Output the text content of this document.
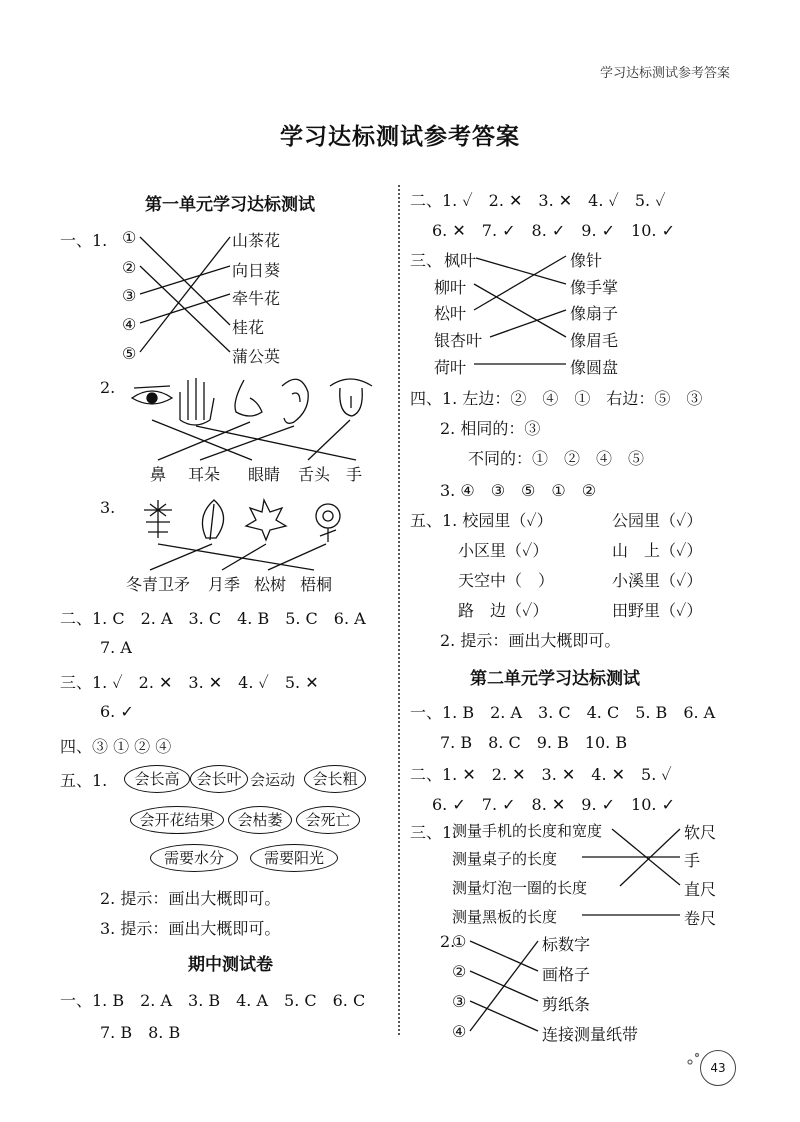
学习达标测试参考答案
学习达标测试参考答案
第一单元学习达标测试
一、1. ①
②
③
④
⑤
山茶花
向日葵
牵牛花
桂花
蒲公英
2.
鼻 耳朵 眼睛 舌头 手
3.
冬青卫矛 月季 松树 梧桐
二、1. C　2. A　3. C　4. B　5. C　6. A
7. A
三、1. ✓　2. ✕　3. ✕　4. ✓　5. ✕
6. ✓
四、③ ① ② ④
五、1.	会长高	会长叶 会运动	会长粗
会开花结果	会枯萎	会死亡
需要水分	需要阳光
2. 提示：画出大概即可。
3. 提示：画出大概即可。
期中测试卷
一、1. B　2. A　3. B　4. A　5. C　6. C
7. B　8. B
二、1. ✓　2. ✕　3. ✕　4. ✓　5. ✓
6. ✕　7. ✓　8. ✓　9. ✓　10. ✓
三、 枫叶
柳叶
松叶
银杏叶
荷叶
像针
像手掌
像扇子
像眉毛
像圆盘
四、1. 左边：②　④　①　右边：⑤　③
2. 相同的：③
不同的：①　②　④　⑤
3. ④　③　⑤　①　②
五、1. 校园里（✓）	公园里（✓）
小区里（✓）	山　上（✓）
天空中（　）	小溪里（✓）
路　边（✓）	田野里（✓）
2. 提示：画出大概即可。
第二单元学习达标测试
一、1. B　2. A　3. C　4. C　5. B　6. A
7. B　8. C　9. B　10. B
二、1. ✕　2. ✕　3. ✕　4. ✕　5. ✓
6. ✓　7. ✓　8. ✕　9. ✓　10. ✓
三、1.
测量手机的长度和宽度
测量桌子的长度
测量灯泡一圈的长度
测量黑板的长度
软尺
手
直尺
卷尺
2.
①
②
③
④
标数字
画格子
剪纸条
连接测量纸带
43
